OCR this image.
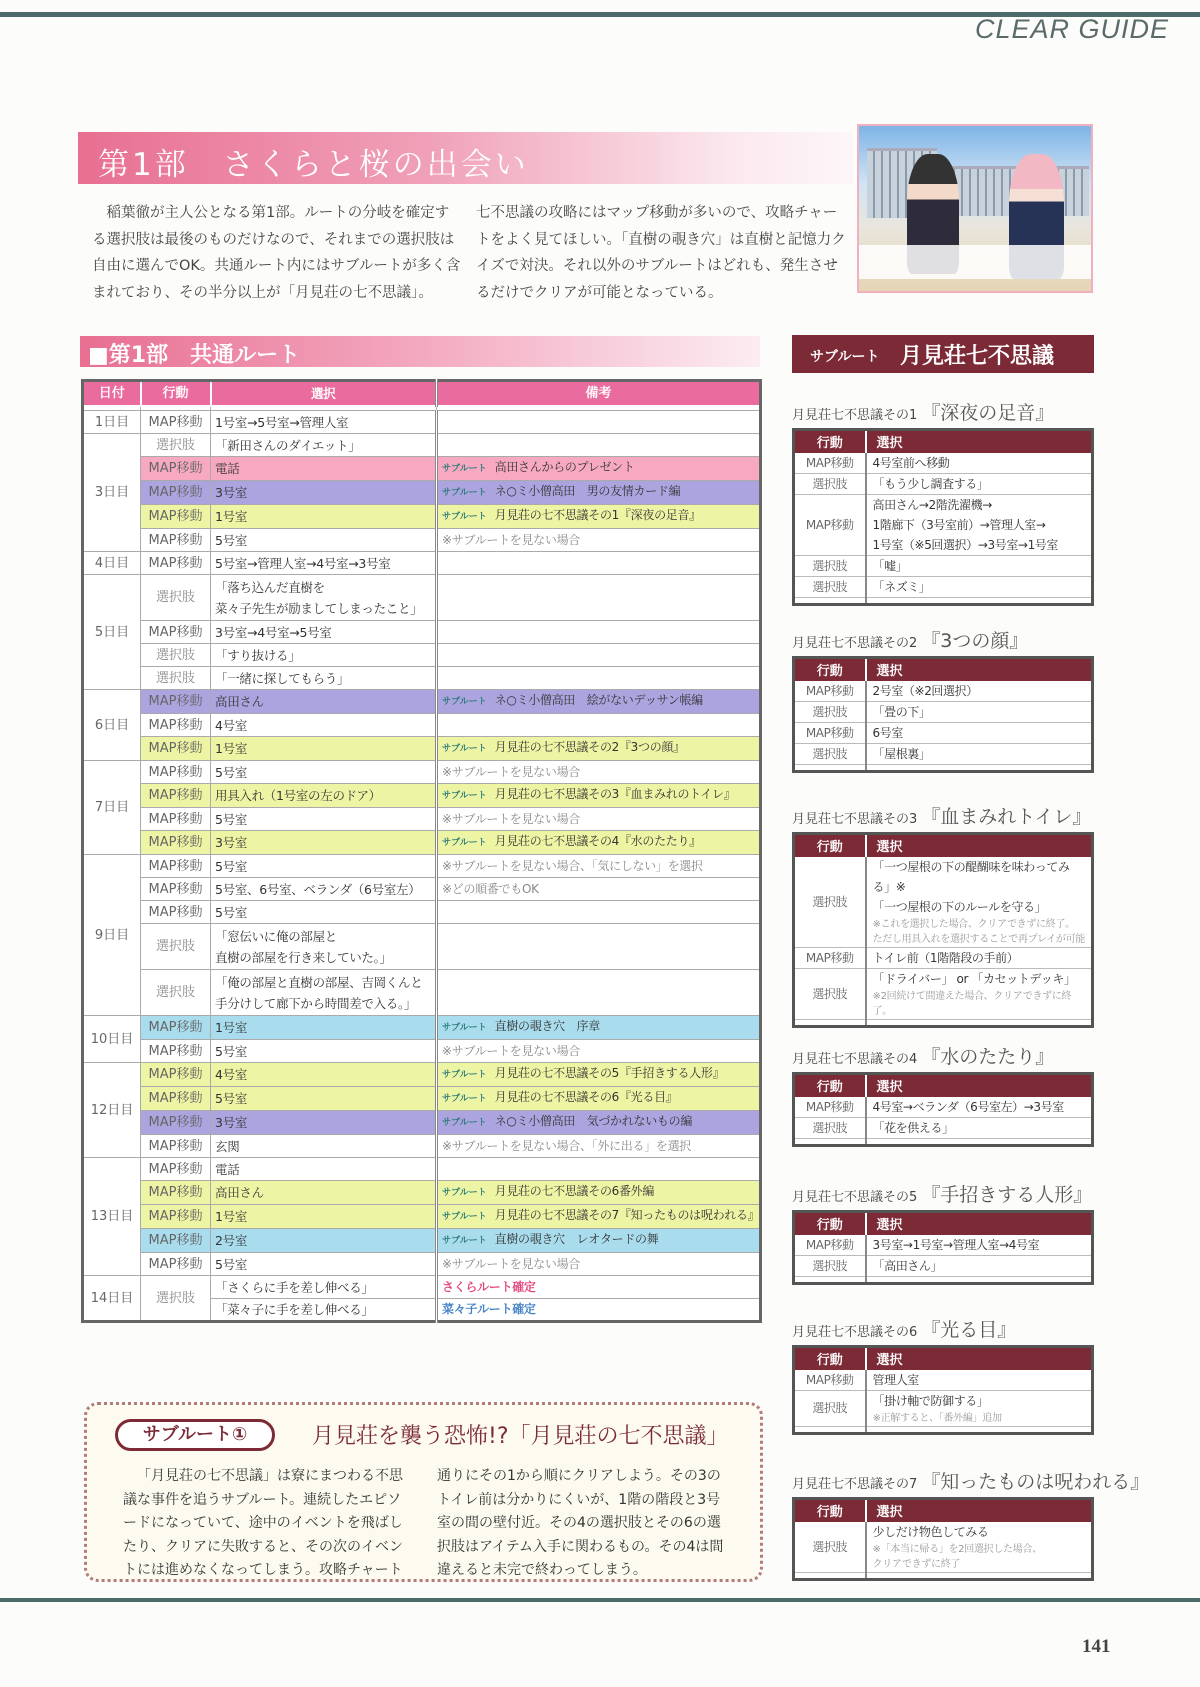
CLEAR GUIDE
第1部　さくらと桜の出会い

稲葉徹が主人公となる第1部。ルートの分岐を確定する選択肢は最後のものだけなので、それまでの選択肢は自由に選んでOK。共通ルート内にはサブルートが多く含まれており、その半分以上が「月見荘の七不思議」。

七不思議の攻略にはマップ移動が多いので、攻略チャートをよく見てほしい。「直樹の覗き穴」は直樹と記憶力クイズで対決。それ以外のサブルートはどれも、発生させるだけでクリアが可能となっている。

■第1部　共通ルート
日付	行動	選択	備考

1日目	MAP移動	1号室→5号室→管理人室	
3日目	選択肢	「新田さんのダイエット」	
	MAP移動	電話	サブルート 高田さんからのプレゼント
	MAP移動	3号室	サブルート ネ○ミ小僧高田　男の友情カード編
	MAP移動	1号室	サブルート 月見荘の七不思議その1『深夜の足音』
	MAP移動	5号室	※サブルートを見ない場合
4日目	MAP移動	5号室→管理人室→4号室→3号室	
5日目	選択肢	「落ち込んだ直樹を
菜々子先生が励ましてしまったこと」	
	MAP移動	3号室→4号室→5号室	
	選択肢	「すり抜ける」	
	選択肢	「一緒に探してもらう」	
6日目	MAP移動	高田さん	サブルート ネ○ミ小僧高田　絵がないデッサン帳編
	MAP移動	4号室	
	MAP移動	1号室	サブルート 月見荘の七不思議その2『3つの顔』
7日目	MAP移動	5号室	※サブルートを見ない場合
	MAP移動	用具入れ（1号室の左のドア）	サブルート 月見荘の七不思議その3『血まみれのトイレ』
	MAP移動	5号室	※サブルートを見ない場合
	MAP移動	3号室	サブルート 月見荘の七不思議その4『水のたたり』
9日目	MAP移動	5号室	※サブルートを見ない場合、「気にしない」を選択
	MAP移動	5号室、6号室、ベランダ（6号室左）	※どの順番でもOK
	MAP移動	5号室	
	選択肢	「窓伝いに俺の部屋と
直樹の部屋を行き来していた。」	
	選択肢	「俺の部屋と直樹の部屋、吉岡くんと
手分けして廊下から時間差で入る。」	
10日目	MAP移動	1号室	サブルート 直樹の覗き穴　序章
	MAP移動	5号室	※サブルートを見ない場合
12日目	MAP移動	4号室	サブルート 月見荘の七不思議その5『手招きする人形』
	MAP移動	5号室	サブルート 月見荘の七不思議その6『光る目』
	MAP移動	3号室	サブルート ネ○ミ小僧高田　気づかれないもの編
	MAP移動	玄関	※サブルートを見ない場合、「外に出る」を選択
13日目	MAP移動	電話	
	MAP移動	高田さん	サブルート 月見荘の七不思議その6番外編
	MAP移動	1号室	サブルート 月見荘の七不思議その7『知ったものは呪われる』
	MAP移動	2号室	サブルート 直樹の覗き穴　レオタードの舞
	MAP移動	5号室	※サブルートを見ない場合
14日目	選択肢	「さくらに手を差し伸べる」	さくらルート確定
		「菜々子に手を差し伸べる」	菜々子ルート確定
サブルート 月見荘七不思議
月見荘七不思議その1 『深夜の足音』
行動	選択
MAP移動	4号室前へ移動
選択肢	「もう少し調査する」
MAP移動	高田さん→2階洗濯機→
1階廊下（3号室前）→管理人室→
1号室（※5回選択）→3号室→1号室
選択肢	「嘘」
選択肢	「ネズミ」

月見荘七不思議その2 『3つの顔』
行動	選択
MAP移動	2号室（※2回選択）
選択肢	「畳の下」
MAP移動	6号室
選択肢	「屋根裏」

月見荘七不思議その3 『血まみれトイレ』
行動	選択
選択肢	「一つ屋根の下の醍醐味を味わってみる」※
「一つ屋根の下のルールを守る」
※これを選択した場合、クリアできずに終了。
ただし用具入れを選択することで再プレイが可能

MAP移動	トイレ前（1階階段の手前）
選択肢	「ドライバー」 or 「カセットデッキ」
※2回続けて間違えた場合、クリアできずに終了。

月見荘七不思議その4 『水のたたり』
行動	選択
MAP移動	4号室→ベランダ（6号室左）→3号室
選択肢	「花を供える」

月見荘七不思議その5 『手招きする人形』
行動	選択
MAP移動	3号室→1号室→管理人室→4号室
選択肢	「高田さん」

月見荘七不思議その6 『光る目』
行動	選択
MAP移動	管理人室
選択肢	「掛け軸で防御する」
※正解すると、「番外編」追加

月見荘七不思議その7 『知ったものは呪われる』
行動	選択
選択肢	少しだけ物色してみる
※「本当に帰る」を2回選択した場合、
クリアできずに終了

サブルート①	月見荘を襲う恐怖!?「月見荘の七不思議」

「月見荘の七不思議」は寮にまつわる不思議な事件を追うサブルート。連続したエピソードになっていて、途中のイベントを飛ばしたり、クリアに失敗すると、その次のイベントには進めなくなってしまう。攻略チャート

通りにその1から順にクリアしよう。その3のトイレ前は分かりにくいが、1階の階段と3号室の間の壁付近。その4の選択肢とその6の選択肢はアイテム入手に関わるもの。その4は間違えると未完で終わってしまう。

141
